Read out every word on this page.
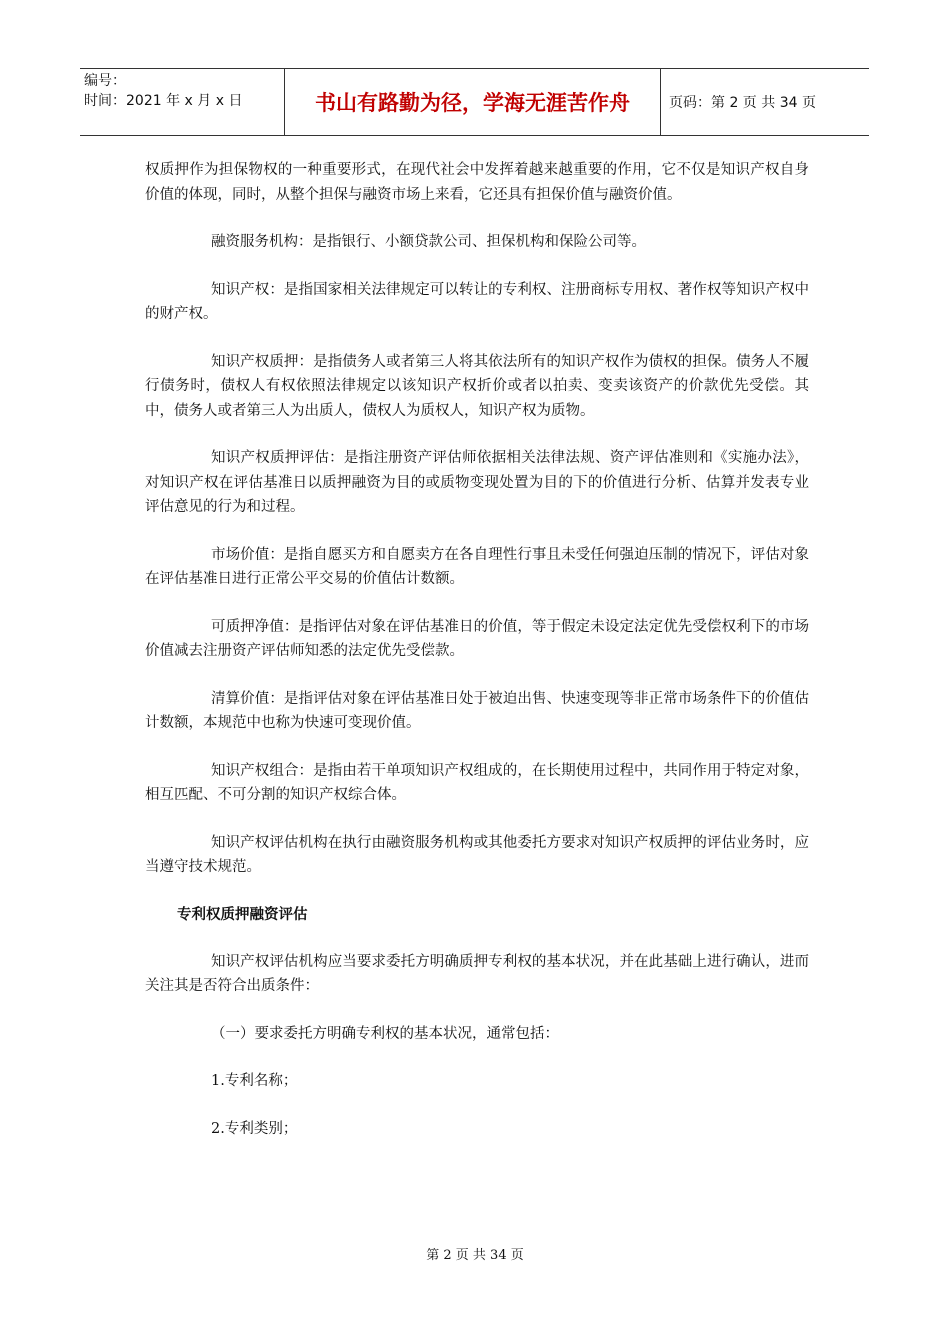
编号：
时间：2021 年 x 月 x 日	书山有路勤为径，学海无涯苦作舟	页码：第 2 页 共 34 页

权质押作为担保物权的一种重要形式，在现代社会中发挥着越来越重要的作用，它不仅是知识产权自身价值的体现，同时，从整个担保与融资市场上来看，它还具有担保价值与融资价值。

融资服务机构：是指银行、小额贷款公司、担保机构和保险公司等。

知识产权：是指国家相关法律规定可以转让的专利权、注册商标专用权、著作权等知识产权中的财产权。

知识产权质押：是指债务人或者第三人将其依法所有的知识产权作为债权的担保。债务人不履行债务时，债权人有权依照法律规定以该知识产权折价或者以拍卖、变卖该资产的价款优先受偿。其中，债务人或者第三人为出质人，债权人为质权人，知识产权为质物。

知识产权质押评估：是指注册资产评估师依据相关法律法规、资产评估准则和《实施办法》，对知识产权在评估基准日以质押融资为目的或质物变现处置为目的下的价值进行分析、估算并发表专业评估意见的行为和过程。

市场价值：是指自愿买方和自愿卖方在各自理性行事且未受任何强迫压制的情况下，评估对象在评估基准日进行正常公平交易的价值估计数额。

可质押净值：是指评估对象在评估基准日的价值，等于假定未设定法定优先受偿权利下的市场价值减去注册资产评估师知悉的法定优先受偿款。

清算价值：是指评估对象在评估基准日处于被迫出售、快速变现等非正常市场条件下的价值估计数额，本规范中也称为快速可变现价值。

知识产权组合：是指由若干单项知识产权组成的，在长期使用过程中，共同作用于特定对象，相互匹配、不可分割的知识产权综合体。

知识产权评估机构在执行由融资服务机构或其他委托方要求对知识产权质押的评估业务时，应当遵守技术规范。

专利权质押融资评估

知识产权评估机构应当要求委托方明确质押专利权的基本状况，并在此基础上进行确认，进而关注其是否符合出质条件：

（一）要求委托方明确专利权的基本状况，通常包括：

1.专利名称；

2.专利类别；

第 2 页 共 34 页
